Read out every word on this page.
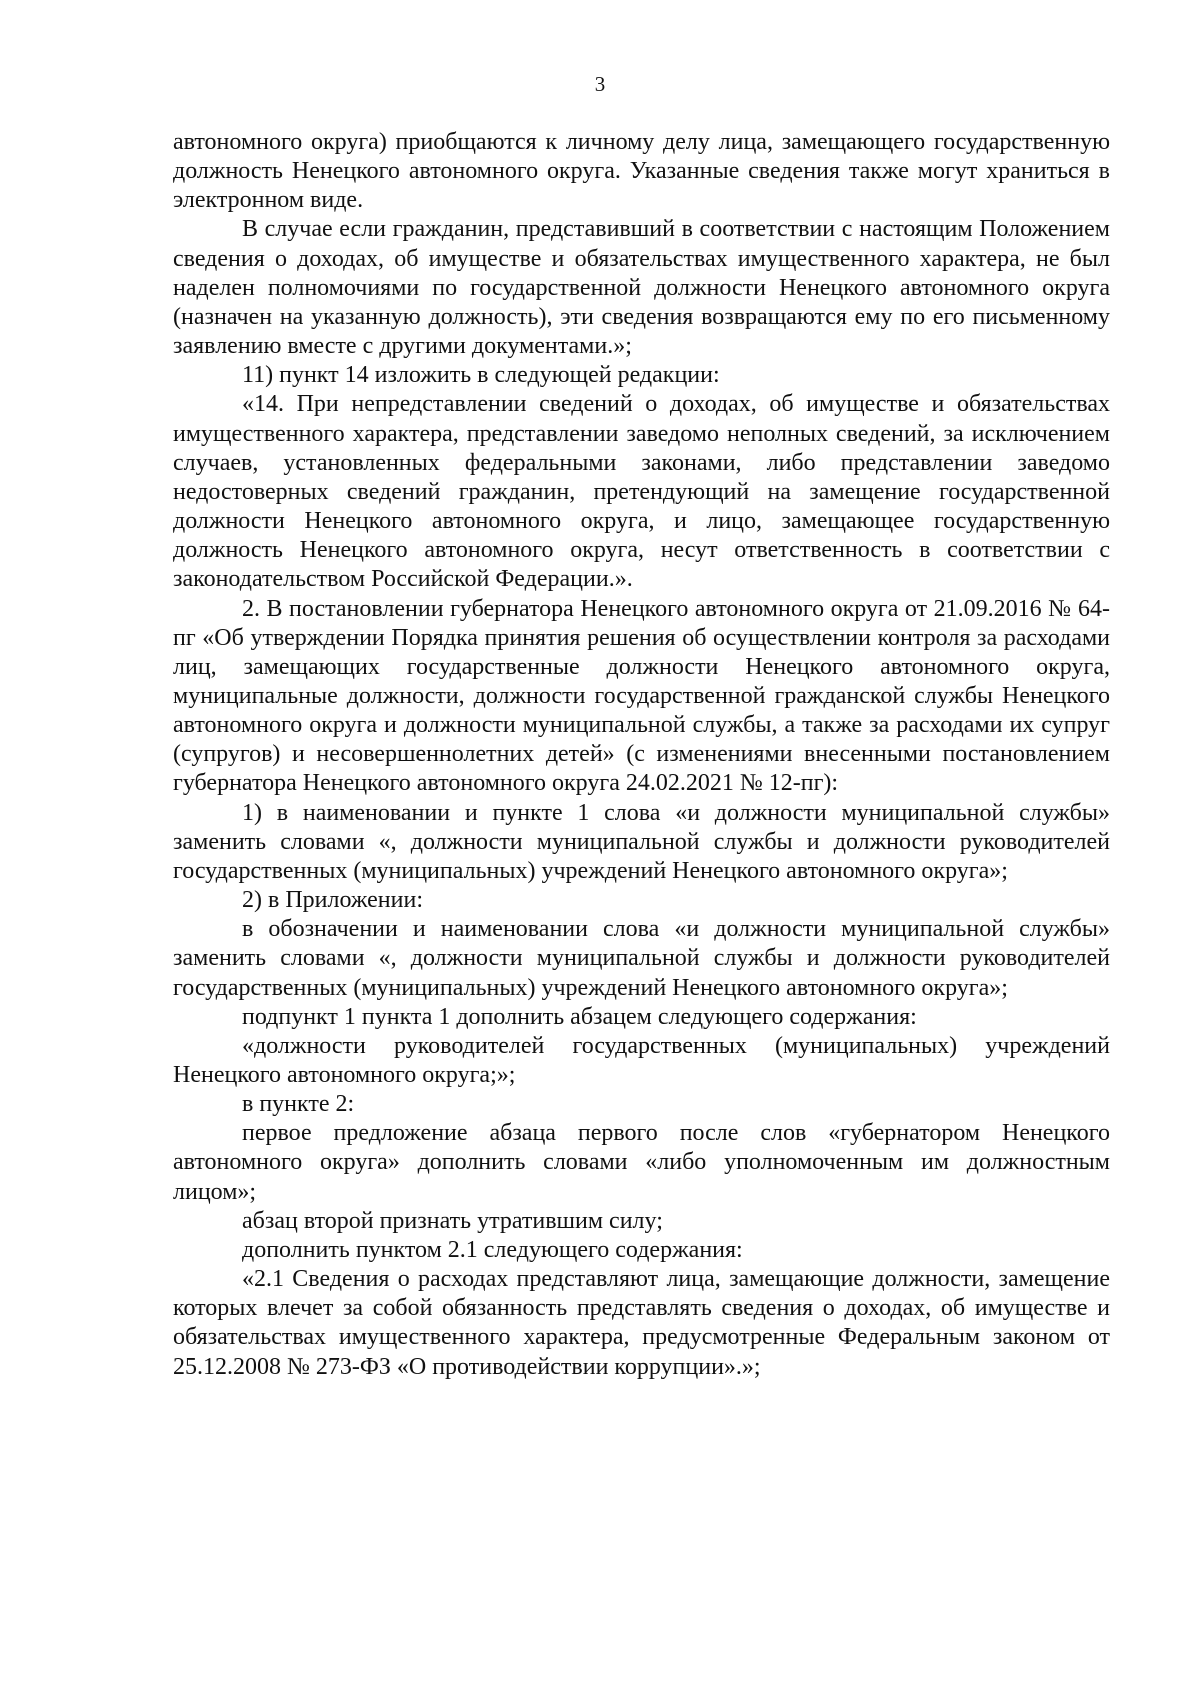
3

автономного округа) приобщаются к личному делу лица, замещающего государственную должность Ненецкого автономного округа. Указанные сведения также могут храниться в электронном виде.

В случае если гражданин, представивший в соответствии с настоящим Положением сведения о доходах, об имуществе и обязательствах имущественного характера, не был наделен полномочиями по государственной должности Ненецкого автономного округа (назначен на указанную должность), эти сведения возвращаются ему по его письменному заявлению вместе с другими документами.»;

11) пункт 14 изложить в следующей редакции:

«14. При непредставлении сведений о доходах, об имуществе и обязательствах имущественного характера, представлении заведомо неполных сведений, за исключением случаев, установленных федеральными законами, либо представлении заведомо недостоверных сведений гражданин, претендующий на замещение государственной должности Ненецкого автономного округа, и лицо, замещающее государственную должность Ненецкого автономного округа, несут ответственность в соответствии с законодательством Российской Федерации.».

2. В постановлении губернатора Ненецкого автономного округа от 21.09.2016 № 64-пг «Об утверждении Порядка принятия решения об осуществлении контроля за расходами лиц, замещающих государственные должности Ненецкого автономного округа, муниципальные должности, должности государственной гражданской службы Ненецкого автономного округа и должности муниципальной службы, а также за расходами их супруг (супругов) и несовершеннолетних детей» (с изменениями внесенными постановлением губернатора Ненецкого автономного округа 24.02.2021 № 12-пг):

1) в наименовании и пункте 1 слова «и должности муниципальной службы» заменить словами «, должности муниципальной службы и должности руководителей государственных (муниципальных) учреждений Ненецкого автономного округа»;

2) в Приложении:

в обозначении и наименовании слова «и должности муниципальной службы» заменить словами «, должности муниципальной службы и должности руководителей государственных (муниципальных) учреждений Ненецкого автономного округа»;

подпункт 1 пункта 1 дополнить абзацем следующего содержания:

«должности руководителей государственных (муниципальных) учреждений Ненецкого автономного округа;»;

в пункте 2:

первое предложение абзаца первого после слов «губернатором Ненецкого автономного округа» дополнить словами «либо уполномоченным им должностным лицом»;

абзац второй признать утратившим силу;

дополнить пунктом 2.1 следующего содержания:

«2.1 Сведения о расходах представляют лица, замещающие должности, замещение которых влечет за собой обязанность представлять сведения о доходах, об имуществе и обязательствах имущественного характера, предусмотренные Федеральным законом от 25.12.2008 № 273-ФЗ «О противодействии коррупции».»;
